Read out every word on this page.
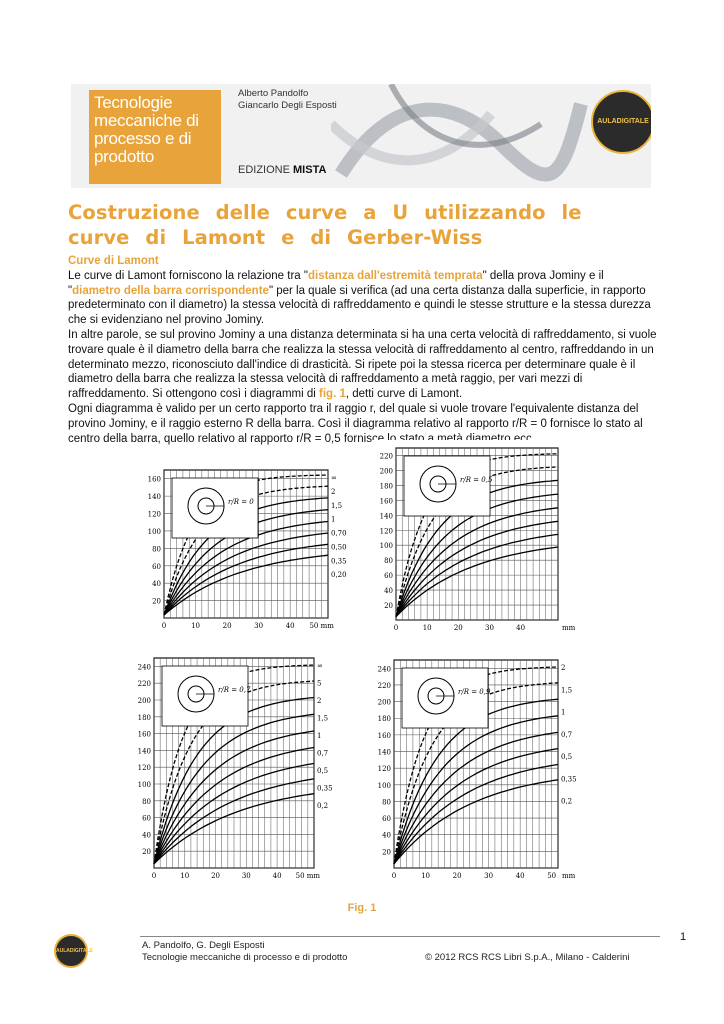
Tecnologie meccaniche di processo e di prodotto
Alberto Pandolfo
Giancarlo Degli Esposti
EDIZIONE MISTA
AULADIGITALE
Costruzione delle curve a U utilizzando le curve di Lamont e di Gerber-Wiss
Curve di Lamont

Le curve di Lamont forniscono la relazione tra "distanza dall'estremità temprata" della prova Jominy e il "diametro della barra corrispondente" per la quale si verifica (ad una certa distanza dalla superficie, in rapporto predeterminato con il diametro) la stessa velocità di raffreddamento e quindi le stesse strutture e la stessa durezza che si evidenziano nel provino Jominy.

In altre parole, se sul provino Jominy a una distanza determinata si ha una certa velocità di raffreddamento, si vuole trovare quale è il diametro della barra che realizza la stessa velocità di raffreddamento al centro, raffreddando in un determinato mezzo, riconosciuto dall'indice di drasticità. Si ripete poi la stessa ricerca per determinare quale è il diametro della barra che realizza la stessa velocità di raffreddamento a metà raggio, per vari mezzi di raffreddamento. Si ottengono così i diagrammi di fig. 1, detti curve di Lamont.

Ogni diagramma è valido per un certo rapporto tra il raggio r, del quale si vuole trovare l'equivalente distanza del provino Jominy, e il raggio esterno R della barra. Così il diagramma relativo al rapporto r/R = 0 fornisce lo stato al centro della barra, quello relativo al rapporto r/R = 0,5 fornisce lo stato a metà diametro ecc.

20
40
60
80
100
120
140
160
0	10	20	30	40 50 mm
∞
2
1,5
1
0,70
0,50
0,35
0,20
r/R = 0
20
40
60
80
100
120
140
160
180
200
220
0	10	20	30	40	mm
r/R = 0,5
20
40
60
80
100
120
140
160
180
200
220
240
0	10	20	30	40 50 mm
∞
5
2
1,5
1
0,7
0,5
0,35
0,2
r/R = 0,7
20
40
60
80
100
120
140
160
180
200
220
240
0	10	20	30	40	50 mm
2
1,5
1
0,7
0,5
0,35
0,2
r/R = 0,9
Fig. 1
1
AULADIGITALE	A. Pandolfo, G. Degli Esposti
Tecnologie meccaniche di processo e di prodotto	© 2012 RCS RCS Libri S.p.A., Milano - Calderini
